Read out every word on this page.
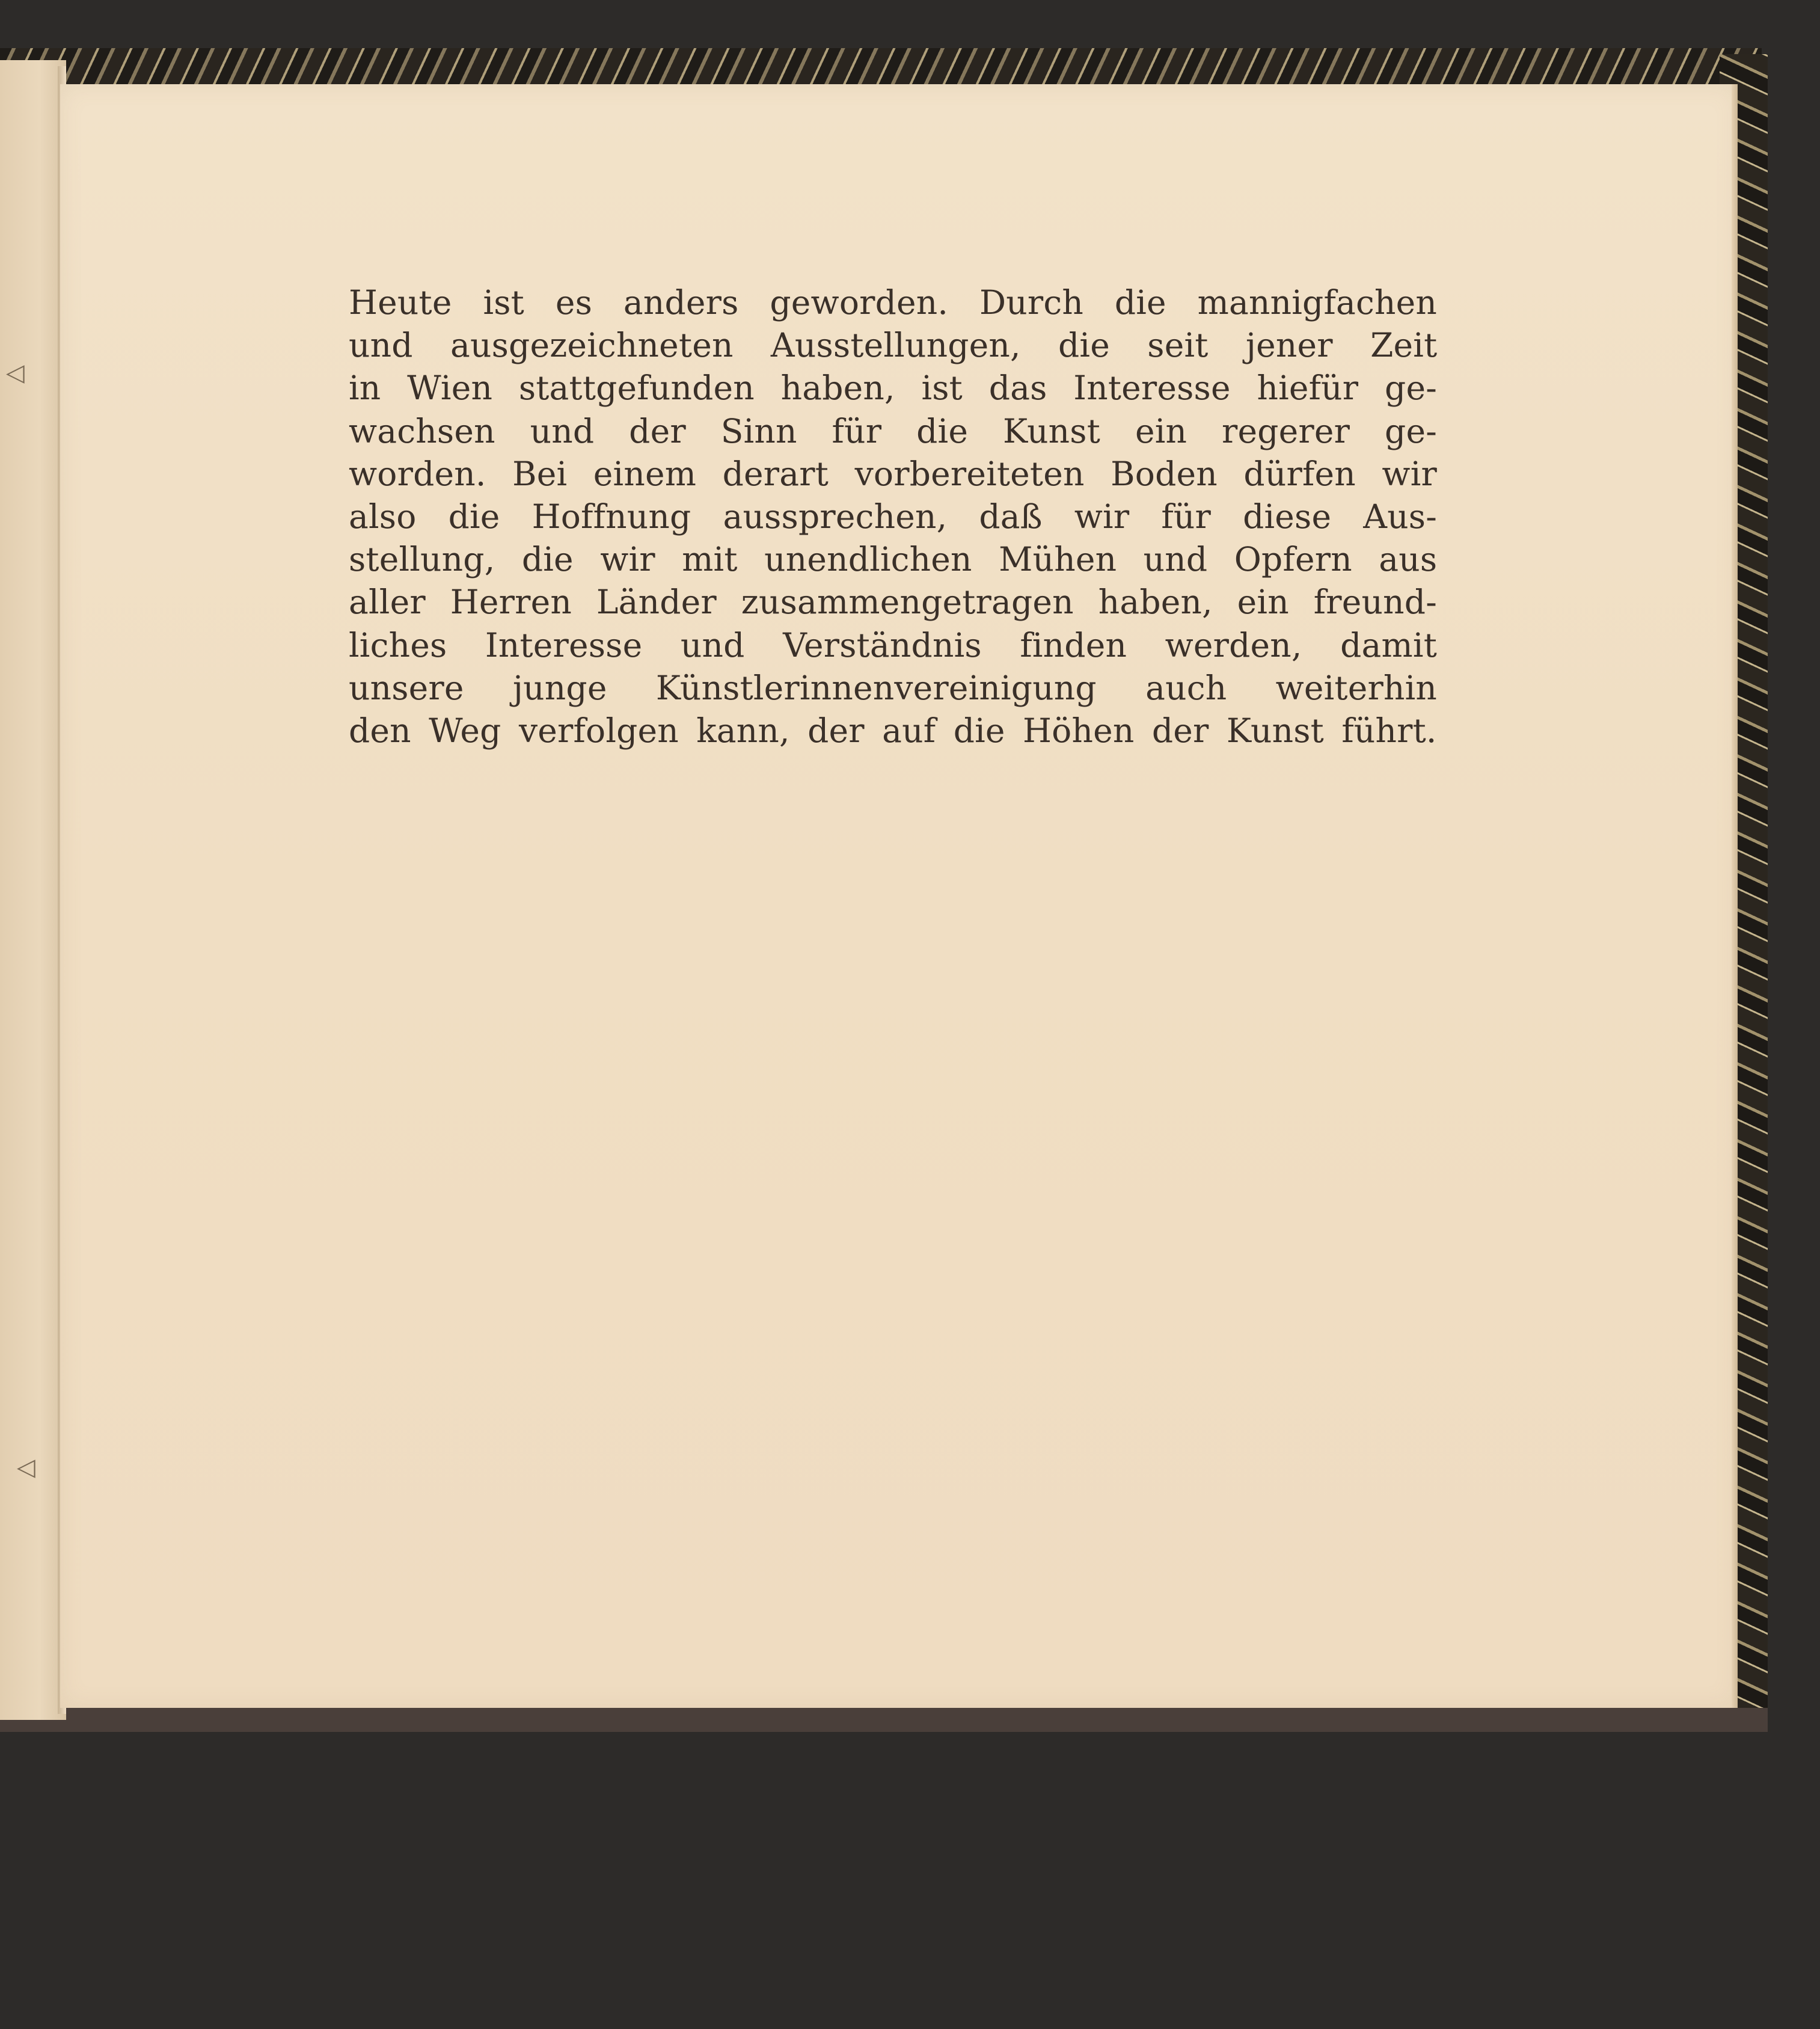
◁
◁
Heute ist es anders geworden. Durch die mannigfachen
und ausgezeichneten Ausstellungen, die seit jener Zeit
in Wien stattgefunden haben, ist das Interesse hiefür ge-
wachsen und der Sinn für die Kunst ein regerer ge-
worden. Bei einem derart vorbereiteten Boden dürfen wir
also die Hoffnung aussprechen, daß wir für diese Aus-
stellung, die wir mit unendlichen Mühen und Opfern aus
aller Herren Länder zusammengetragen haben, ein freund-
liches Interesse und Verständnis finden werden, damit
unsere junge Künstlerinnenvereinigung auch weiterhin
den Weg verfolgen kann, der auf die Höhen der Kunst führt.
